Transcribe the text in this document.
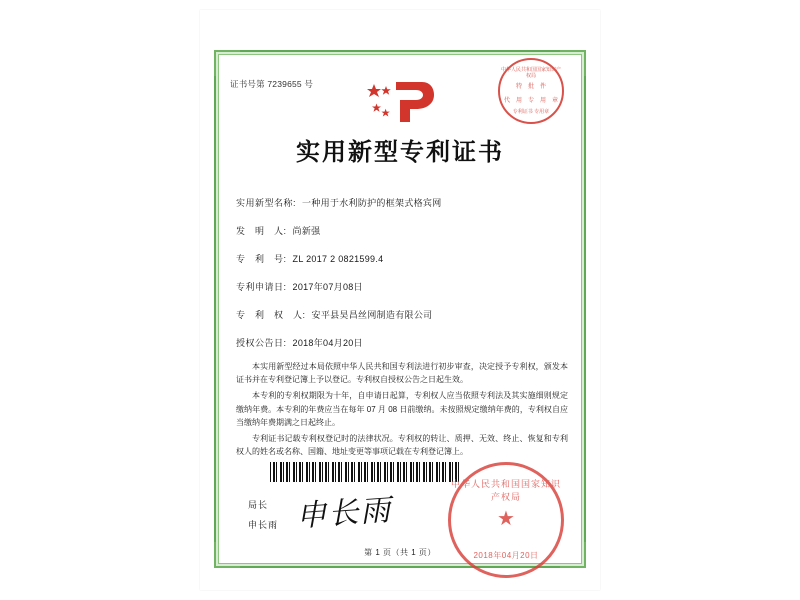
证书号第 7239655 号
中华人民共和国国家知识产权局
特　批　件
代　用　专　用　章
专利证书 专用章
实用新型专利证书
实用新型名称: 一种用于水利防护的框架式格宾网
发　明　人: 尚新强
专　利　号: ZL 2017 2 0821599.4
专利申请日: 2017年07月08日
专　利　权　人: 安平县昊昌丝网制造有限公司
授权公告日: 2018年04月20日

本实用新型经过本局依照中华人民共和国专利法进行初步审查，决定授予专利权，颁发本证书并在专利登记簿上予以登记。专利权自授权公告之日起生效。

本专利的专利权期限为十年，自申请日起算，专利权人应当依照专利法及其实施细则规定缴纳年费。本专利的年费应当在每年 07 月 08 日前缴纳。未按照规定缴纳年费的，专利权自应当缴纳年费期满之日起终止。

专利证书记载专利权登记时的法律状况。专利权的转让、质押、无效、终止、恢复和专利权人的姓名或名称、国籍、地址变更等事项记载在专利登记簿上。

局长
申长雨 申长雨
中华人民共和国国家知识产权局
★
2018年04月20日
第 1 页（共 1 页）
